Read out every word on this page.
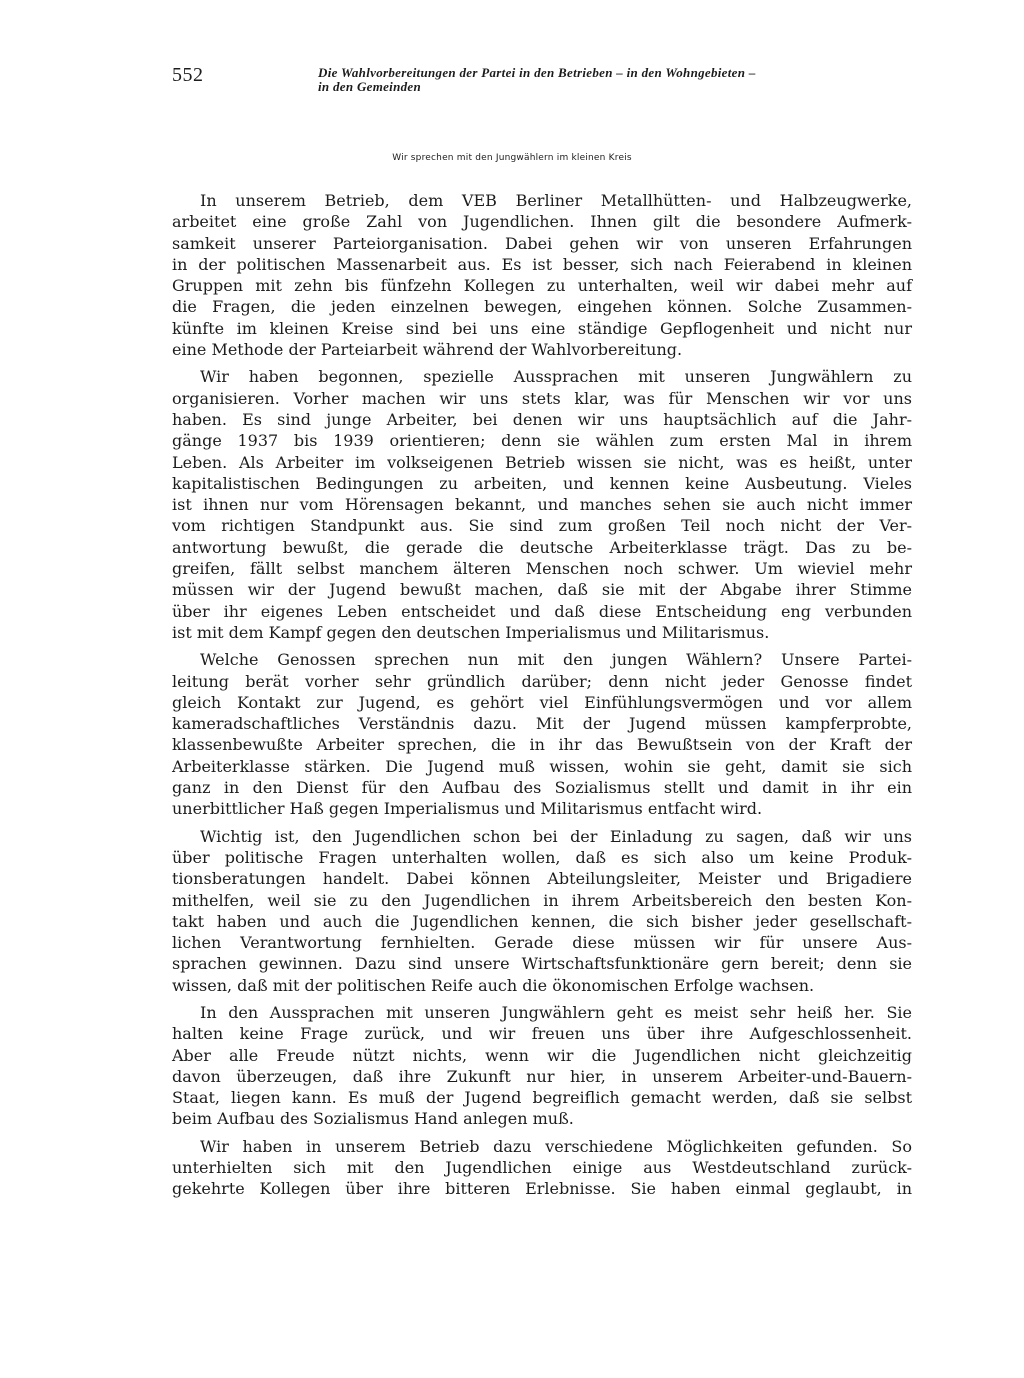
552	Die Wahlvorbereitungen der Partei in den Betrieben – in den Wohngebieten –
in den Gemeinden
Wir sprechen mit den Jungwählern im kleinen Kreis
In unserem Betrieb, dem VEB Berliner Metallhütten- und Halbzeugwerke,
arbeitet eine große Zahl von Jugendlichen. Ihnen gilt die besondere Aufmerk-
samkeit unserer Parteiorganisation. Dabei gehen wir von unseren Erfahrungen
in der politischen Massenarbeit aus. Es ist besser, sich nach Feierabend in kleinen
Gruppen mit zehn bis fünfzehn Kollegen zu unterhalten, weil wir dabei mehr auf
die Fragen, die jeden einzelnen bewegen, eingehen können. Solche Zusammen-
künfte im kleinen Kreise sind bei uns eine ständige Gepflogenheit und nicht nur
eine Methode der Parteiarbeit während der Wahlvorbereitung.
Wir haben begonnen, spezielle Aussprachen mit unseren Jungwählern zu
organisieren. Vorher machen wir uns stets klar, was für Menschen wir vor uns
haben. Es sind junge Arbeiter, bei denen wir uns hauptsächlich auf die Jahr-
gänge 1937 bis 1939 orientieren; denn sie wählen zum ersten Mal in ihrem
Leben. Als Arbeiter im volkseigenen Betrieb wissen sie nicht, was es heißt, unter
kapitalistischen Bedingungen zu arbeiten, und kennen keine Ausbeutung. Vieles
ist ihnen nur vom Hörensagen bekannt, und manches sehen sie auch nicht immer
vom richtigen Standpunkt aus. Sie sind zum großen Teil noch nicht der Ver-
antwortung bewußt, die gerade die deutsche Arbeiterklasse trägt. Das zu be-
greifen, fällt selbst manchem älteren Menschen noch schwer. Um wieviel mehr
müssen wir der Jugend bewußt machen, daß sie mit der Abgabe ihrer Stimme
über ihr eigenes Leben entscheidet und daß diese Entscheidung eng verbunden
ist mit dem Kampf gegen den deutschen Imperialismus und Militarismus.
Welche Genossen sprechen nun mit den jungen Wählern? Unsere Partei-
leitung berät vorher sehr gründlich darüber; denn nicht jeder Genosse findet
gleich Kontakt zur Jugend, es gehört viel Einfühlungsvermögen und vor allem
kameradschaftliches Verständnis dazu. Mit der Jugend müssen kampferprobte,
klassenbewußte Arbeiter sprechen, die in ihr das Bewußtsein von der Kraft der
Arbeiterklasse stärken. Die Jugend muß wissen, wohin sie geht, damit sie sich
ganz in den Dienst für den Aufbau des Sozialismus stellt und damit in ihr ein
unerbittlicher Haß gegen Imperialismus und Militarismus entfacht wird.
Wichtig ist, den Jugendlichen schon bei der Einladung zu sagen, daß wir uns
über politische Fragen unterhalten wollen, daß es sich also um keine Produk-
tionsberatungen handelt. Dabei können Abteilungsleiter, Meister und Brigadiere
mithelfen, weil sie zu den Jugendlichen in ihrem Arbeitsbereich den besten Kon-
takt haben und auch die Jugendlichen kennen, die sich bisher jeder gesellschaft-
lichen Verantwortung fernhielten. Gerade diese müssen wir für unsere Aus-
sprachen gewinnen. Dazu sind unsere Wirtschaftsfunktionäre gern bereit; denn sie
wissen, daß mit der politischen Reife auch die ökonomischen Erfolge wachsen.
In den Aussprachen mit unseren Jungwählern geht es meist sehr heiß her. Sie
halten keine Frage zurück, und wir freuen uns über ihre Aufgeschlossenheit.
Aber alle Freude nützt nichts, wenn wir die Jugendlichen nicht gleichzeitig
davon überzeugen, daß ihre Zukunft nur hier, in unserem Arbeiter-und-Bauern-
Staat, liegen kann. Es muß der Jugend begreiflich gemacht werden, daß sie selbst
beim Aufbau des Sozialismus Hand anlegen muß.
Wir haben in unserem Betrieb dazu verschiedene Möglichkeiten gefunden. So
unterhielten sich mit den Jugendlichen einige aus Westdeutschland zurück-
gekehrte Kollegen über ihre bitteren Erlebnisse. Sie haben einmal geglaubt, in
